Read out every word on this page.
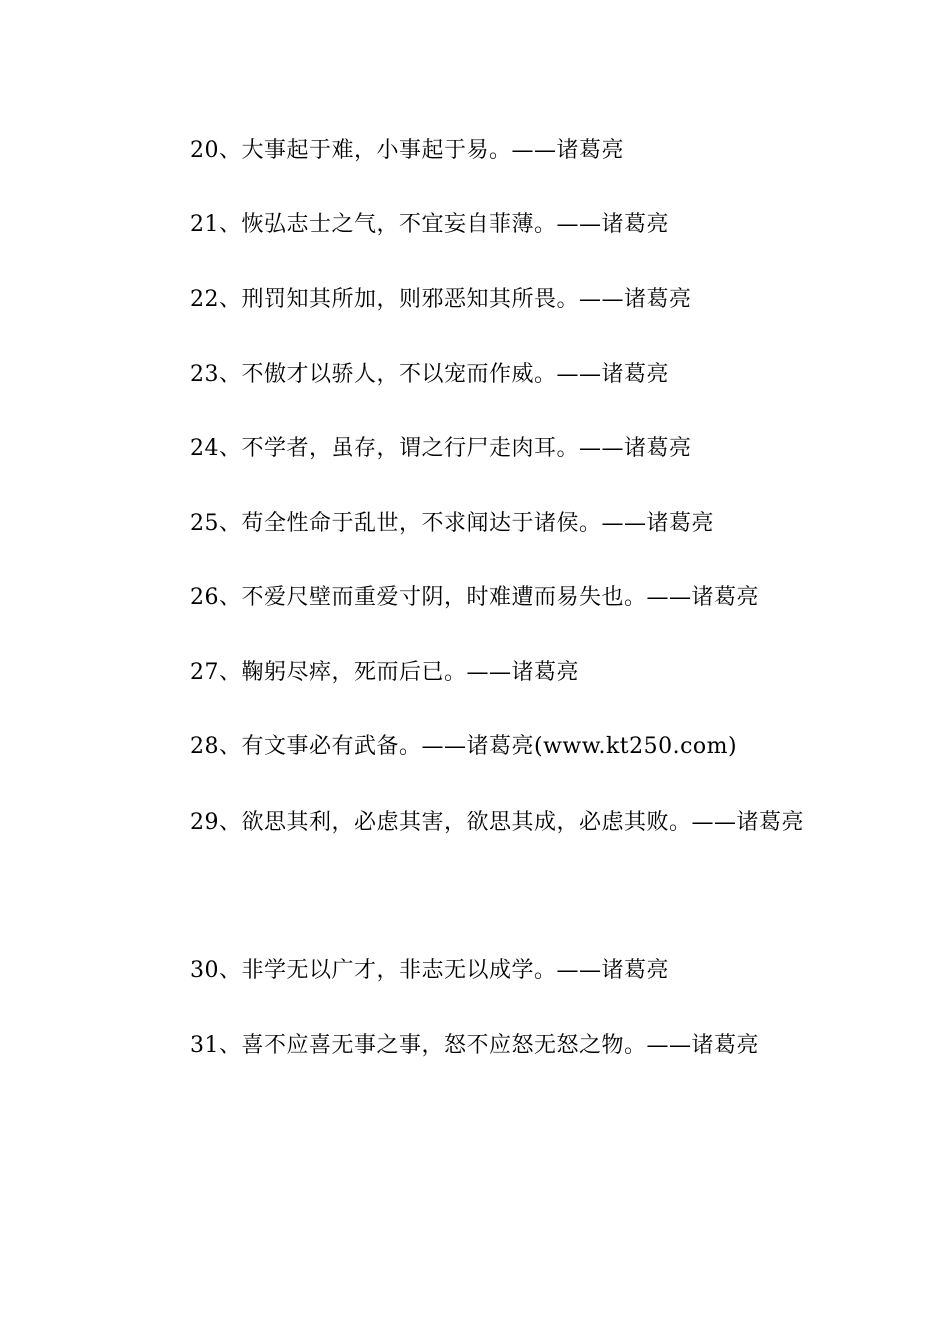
20、大事起于难，小事起于易。——诸葛亮

21、恢弘志士之气，不宜妄自菲薄。——诸葛亮

22、刑罚知其所加，则邪恶知其所畏。——诸葛亮

23、不傲才以骄人，不以宠而作威。——诸葛亮

24、不学者，虽存，谓之行尸走肉耳。——诸葛亮

25、苟全性命于乱世，不求闻达于诸侯。——诸葛亮

26、不爱尺壁而重爱寸阴，时难遭而易失也。——诸葛亮

27、鞠躬尽瘁，死而后已。——诸葛亮

28、有文事必有武备。——诸葛亮(www.kt250.com)

29、欲思其利，必虑其害，欲思其成，必虑其败。——诸葛亮

30、非学无以广才，非志无以成学。——诸葛亮

31、喜不应喜无事之事，怒不应怒无怒之物。——诸葛亮
